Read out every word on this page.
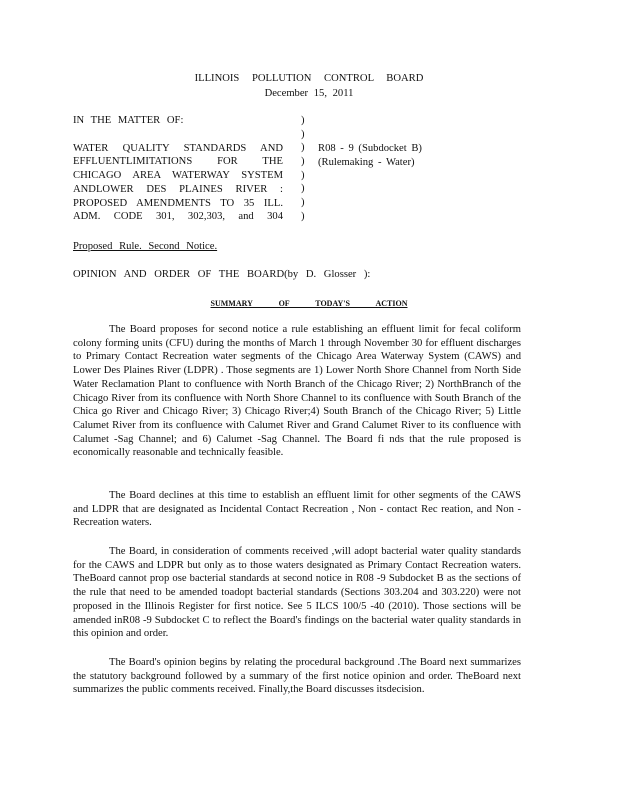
ILLINOIS POLLUTION CONTROL BOARD
December 15, 2011
IN THE MATTER OF:
WATER QUALITY STANDARDS AND
EFFLUENTLIMITATIONS FOR THE
CHICAGO AREA WATERWAY SYSTEM
ANDLOWER DES PLAINES RIVER :
PROPOSED AMENDMENTS TO 35 ILL.
ADM. CODE 301, 302,303, and 304
)
)
)
)
)
)
)
)
R08 - 9 (Subdocket B)
(Rulemaking - Water)
Proposed Rule. Second Notice.
OPINION AND ORDER OF THE BOARD(by D. Glosser ):
SUMMARY OF TODAY'S ACTION

The Board proposes for second notice a rule establishing an effluent limit for fecal coliform colony forming units (CFU) during the months of March 1 through November 30 for effluent discharges to Primary Contact Recreation water segments of the Chicago Area Waterway System (CAWS) and Lower Des Plaines River (LDPR) . Those segments are 1) Lower North Shore Channel from North Side Water Reclamation Plant to confluence with North Branch of the Chicago River; 2) NorthBranch of the Chicago River from its confluence with North Shore Channel to its confluence with South Branch of the Chica go River and Chicago River; 3) Chicago River;4) South Branch of the Chicago River; 5) Little Calumet River from its confluence with Calumet River and Grand Calumet River to its confluence with Calumet -Sag Channel; and 6) Calumet -Sag Channel. The Board fi nds that the rule proposed is economically reasonable and technically feasible.

The Board declines at this time to establish an effluent limit for other segments of the CAWS and LDPR that are designated as Incidental Contact Recreation , Non - contact Rec reation, and Non -Recreation waters.

The Board, in consideration of comments received ,will adopt bacterial water quality standards for the CAWS and LDPR but only as to those waters designated as Primary Contact Recreation waters. TheBoard cannot prop ose bacterial standards at second notice in R08 -9 Subdocket B as the sections of the rule that need to be amended toadopt bacterial standards (Sections 303.204 and 303.220) were not proposed in the Illinois Register for first notice. See 5 ILCS 100/5 -40 (2010). Those sections will be amended inR08 -9 Subdocket C to reflect the Board's findings on the bacterial water quality standards in this opinion and order.

The Board's opinion begins by relating the procedural background .The Board next summarizes the statutory background followed by a summary of the first notice opinion and order. TheBoard next summarizes the public comments received. Finally,the Board discusses itsdecision.
